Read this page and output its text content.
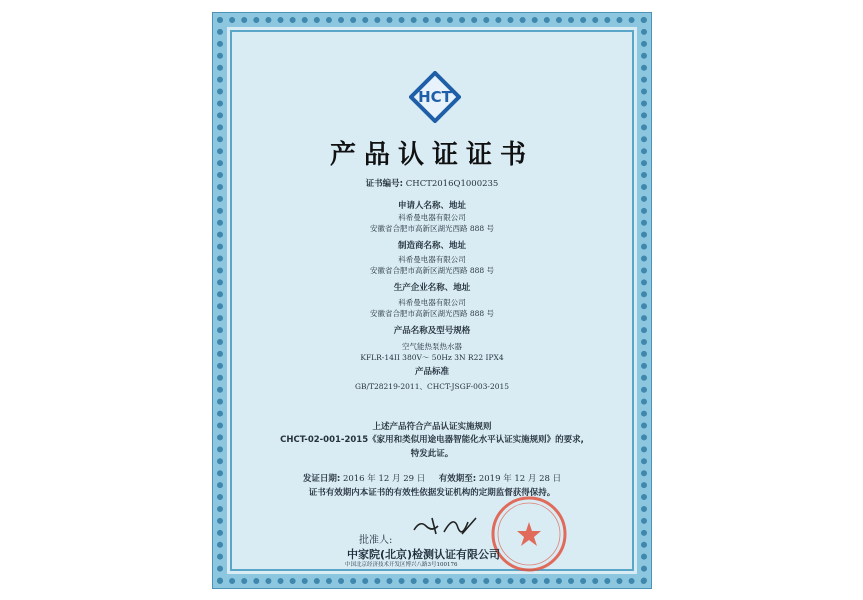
HCT
产品认证证书
证书编号: CHCT2016Q1000235
申请人名称、地址
科希曼电器有限公司
安徽省合肥市高新区湖光西路 888 号
制造商名称、地址
科希曼电器有限公司
安徽省合肥市高新区湖光西路 888 号
生产企业名称、地址
科希曼电器有限公司
安徽省合肥市高新区湖光西路 888 号
产品名称及型号规格
空气能热泵热水器
KFLR-14II 380V～ 50Hz 3N R22 IPX4
产品标准
GB/T28219-2011、CHCT-JSGF-003-2015
上述产品符合产品认证实施规则
CHCT-02-001-2015《家用和类似用途电器智能化水平认证实施规则》的要求,
特发此证。
发证日期: 2016 年 12 月 29 日 有效期至: 2019 年 12 月 28 日
证书有效期内本证书的有效性依据发证机构的定期监督获得保持。
批准人:
中家院(北京)检测认证有限公司
中国北京经济技术开发区博兴八路3号100176
